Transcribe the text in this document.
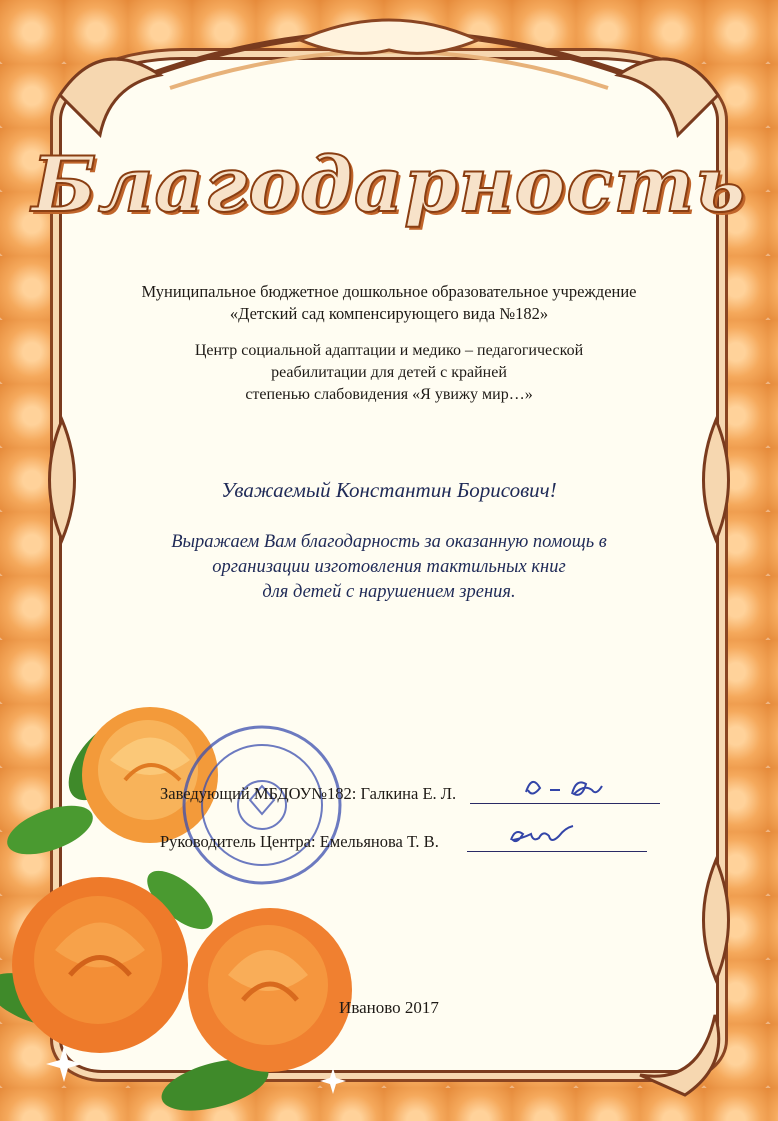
Благодарность
Муниципальное бюджетное дошкольное образовательное учреждение
«Детский сад компенсирующего вида №182»
Центр социальной адаптации и медико – педагогической
реабилитации для детей с крайней
степенью слабовидения «Я увижу мир…»
Уважаемый Константин Борисович!
Выражаем Вам благодарность за оказанную помощь в
организации изготовления тактильных книг
для детей с нарушением зрения.
Заведующий МБДОУ№182: Галкина Е. Л.
Руководитель Центра: Емельянова Т. В.
Иваново 2017
